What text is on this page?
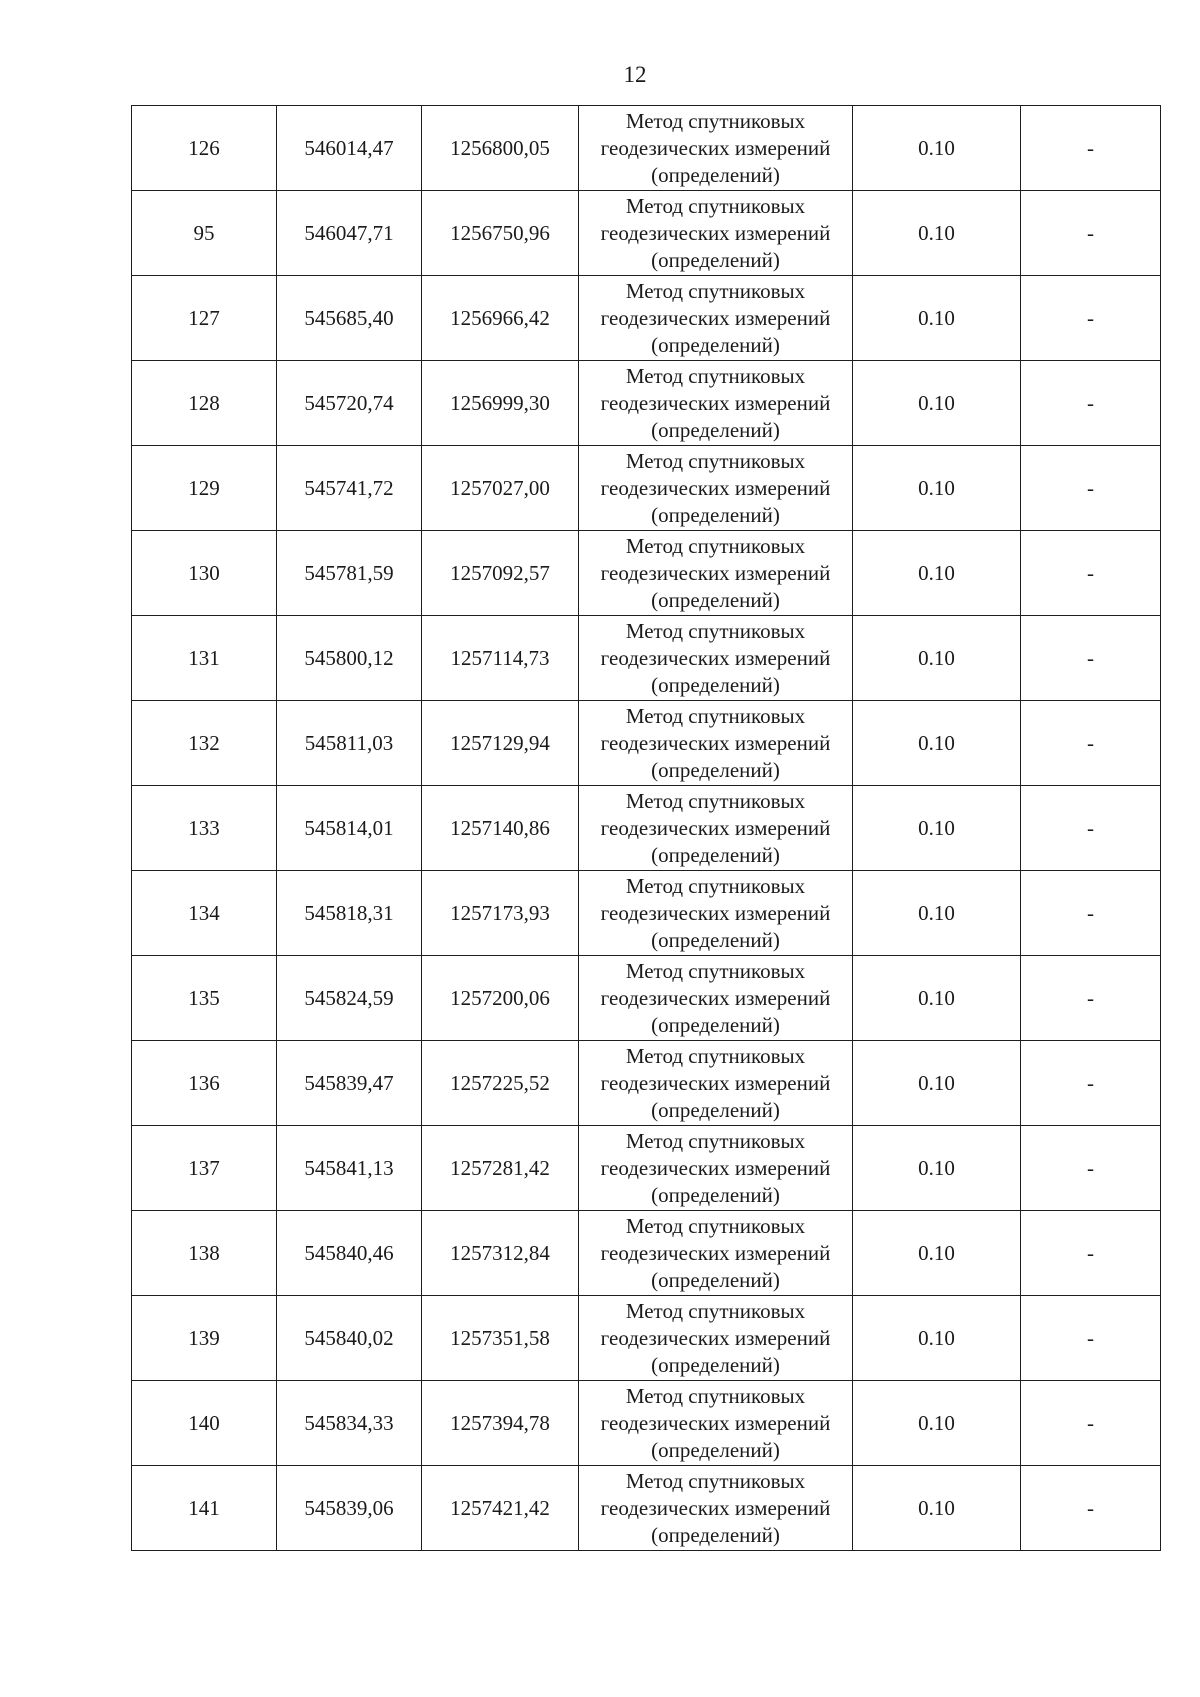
12
126	546014,47	1256800,05	Метод спутниковых
геодезических измерений
(определений)	0.10	-
95	546047,71	1256750,96	Метод спутниковых
геодезических измерений
(определений)	0.10	-
127	545685,40	1256966,42	Метод спутниковых
геодезических измерений
(определений)	0.10	-
128	545720,74	1256999,30	Метод спутниковых
геодезических измерений
(определений)	0.10	-
129	545741,72	1257027,00	Метод спутниковых
геодезических измерений
(определений)	0.10	-
130	545781,59	1257092,57	Метод спутниковых
геодезических измерений
(определений)	0.10	-
131	545800,12	1257114,73	Метод спутниковых
геодезических измерений
(определений)	0.10	-
132	545811,03	1257129,94	Метод спутниковых
геодезических измерений
(определений)	0.10	-
133	545814,01	1257140,86	Метод спутниковых
геодезических измерений
(определений)	0.10	-
134	545818,31	1257173,93	Метод спутниковых
геодезических измерений
(определений)	0.10	-
135	545824,59	1257200,06	Метод спутниковых
геодезических измерений
(определений)	0.10	-
136	545839,47	1257225,52	Метод спутниковых
геодезических измерений
(определений)	0.10	-
137	545841,13	1257281,42	Метод спутниковых
геодезических измерений
(определений)	0.10	-
138	545840,46	1257312,84	Метод спутниковых
геодезических измерений
(определений)	0.10	-
139	545840,02	1257351,58	Метод спутниковых
геодезических измерений
(определений)	0.10	-
140	545834,33	1257394,78	Метод спутниковых
геодезических измерений
(определений)	0.10	-
141	545839,06	1257421,42	Метод спутниковых
геодезических измерений
(определений)	0.10	-
